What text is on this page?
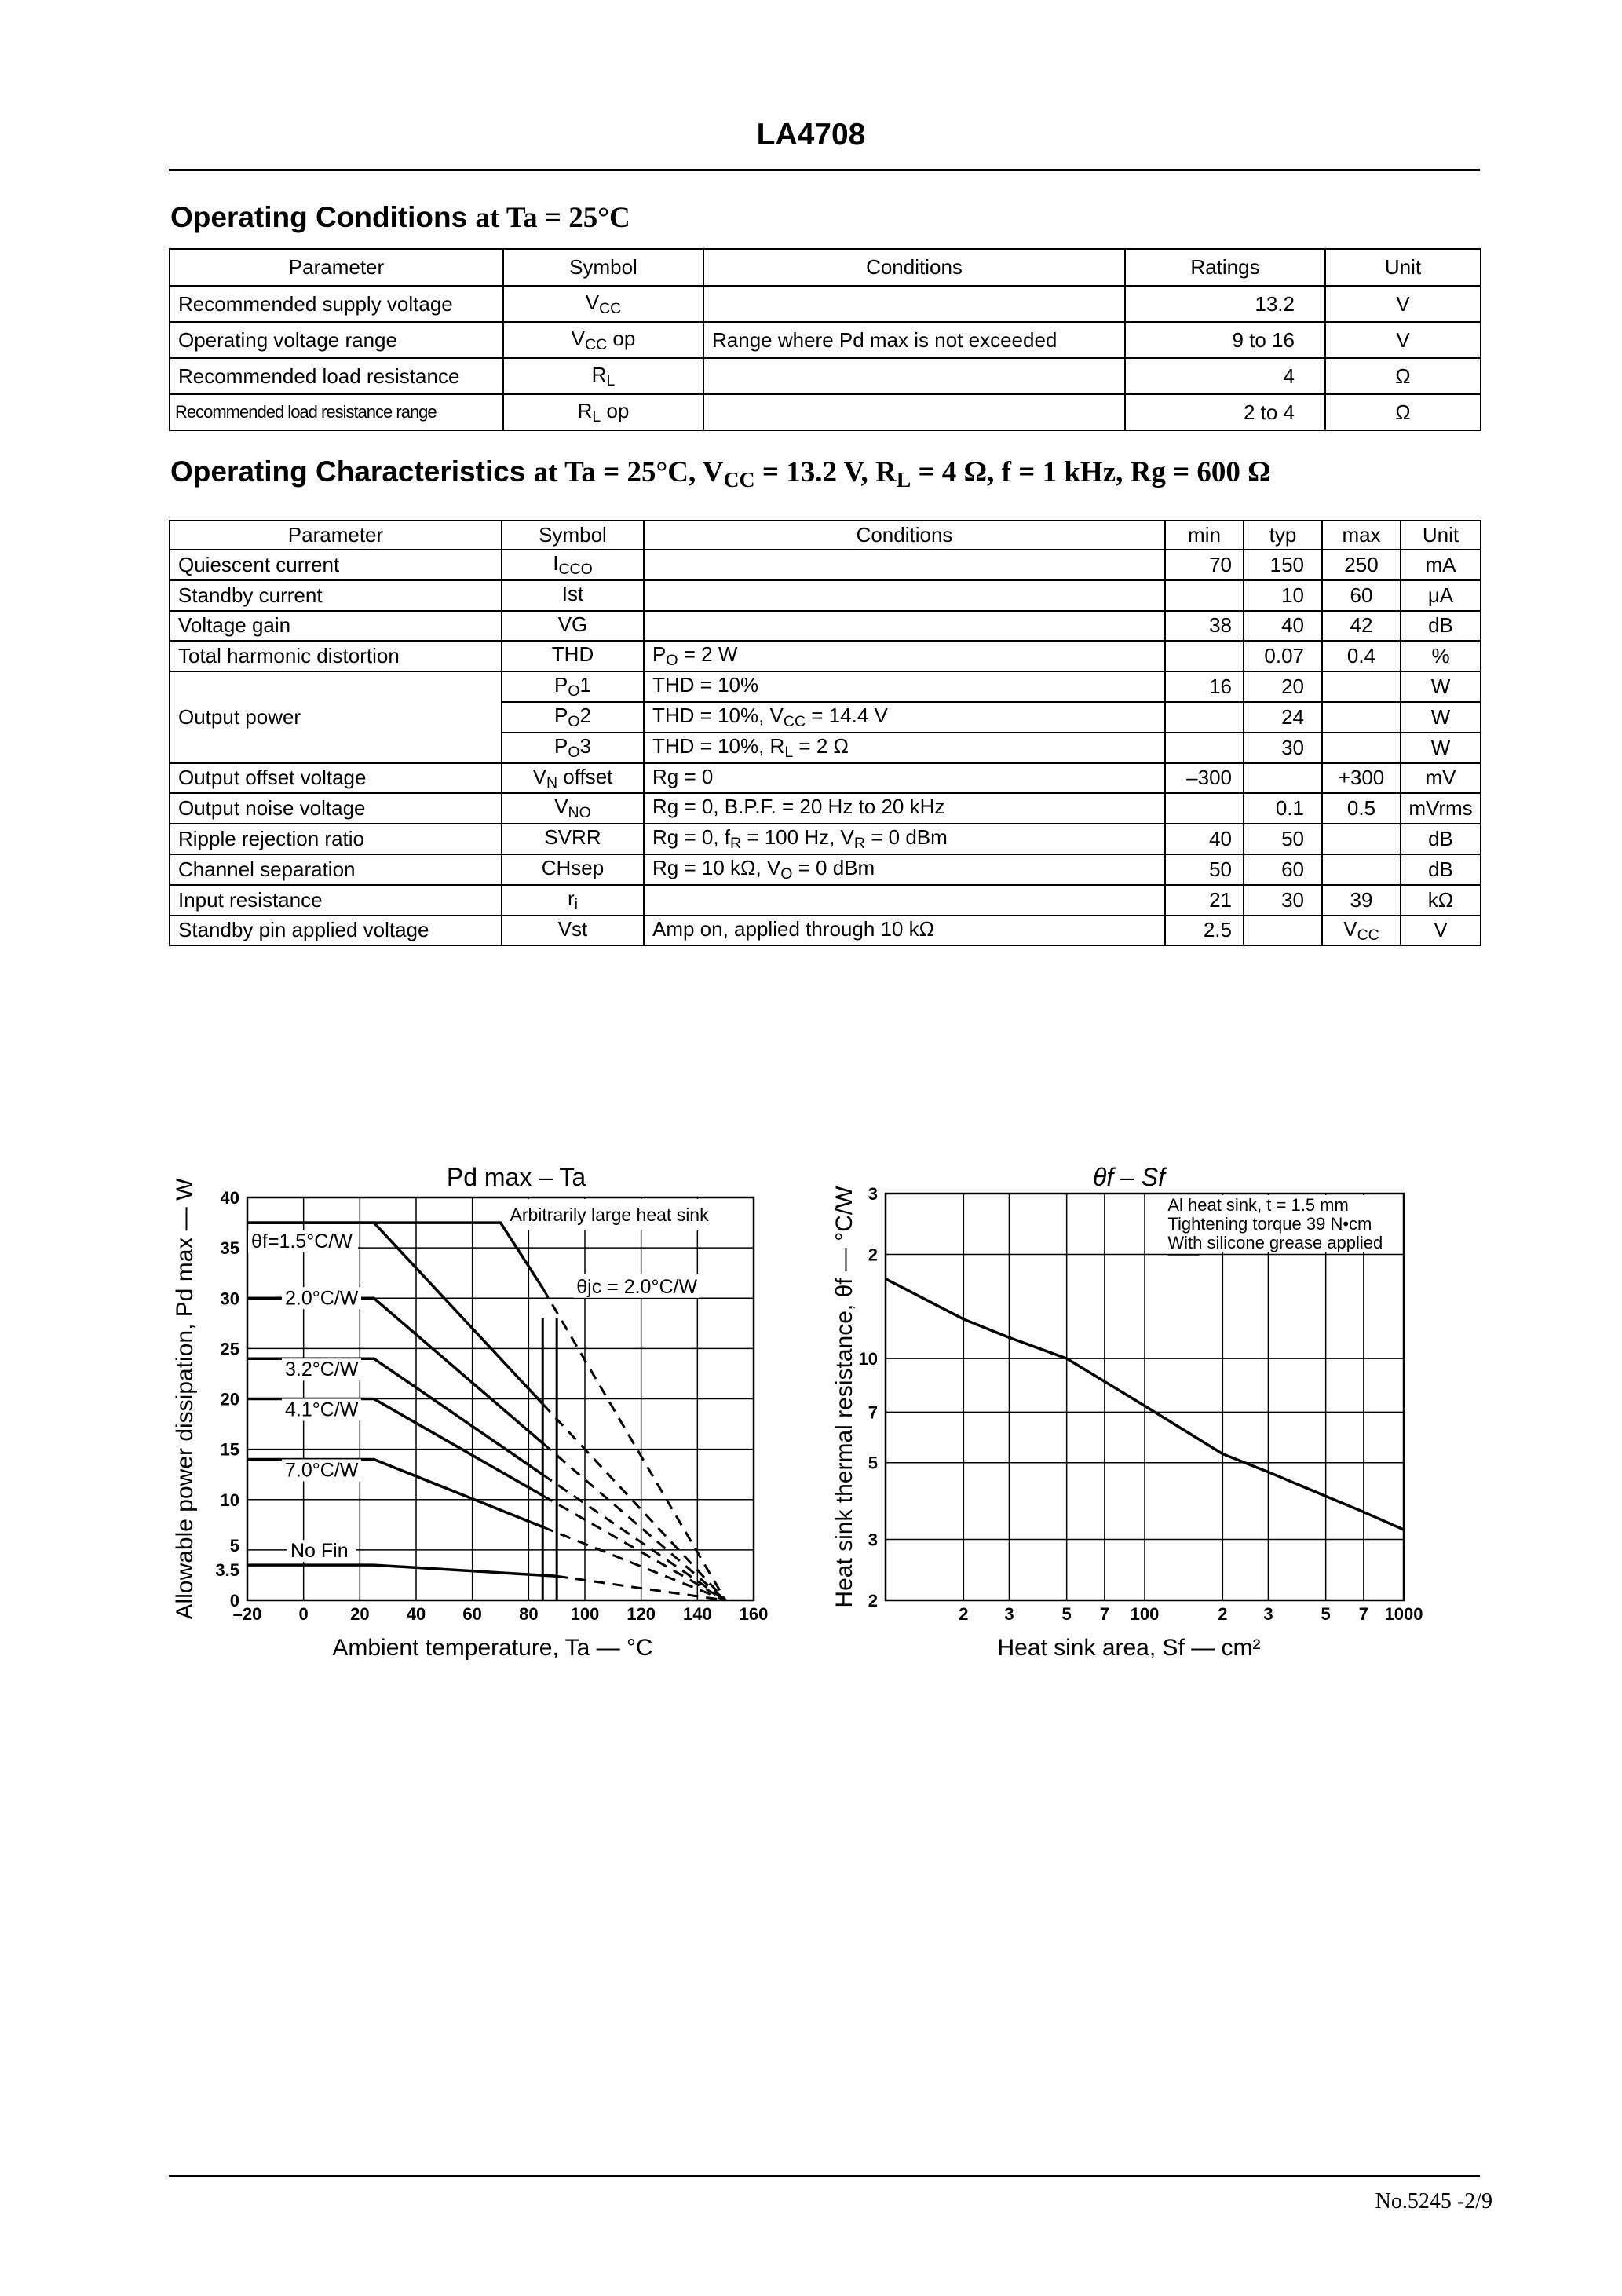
LA4708
Operating Conditions at Ta = 25°C
Parameter	Symbol	Conditions	Ratings	Unit
Recommended supply voltage	$V_{CC}$		13.2	V
Operating voltage range	$V_{CC}$ op	Range where Pd max is not exceeded	9 to 16	V
Recommended load resistance	$R_L$		4	Ω
Recommended load resistance range	$R_L$ op		2 to 4	Ω
Operating Characteristics at Ta = 25°C, $V_{CC} = 13.2$ V, $R_L = 4$ Ω, f = 1 kHz, Rg = 600 Ω
Parameter	Symbol	Conditions	min	typ	max	Unit
Quiescent current	$I_{CCO}$		70	150	250	mA
Standby current	Ist			10	60	μA
Voltage gain	VG		38	40	42	dB
Total harmonic distortion	THD	$P_O = 2$ W		0.07	0.4	%
Output power	$P_O1$	THD = 10%	16	20		W
	$P_O2$	THD = 10%, $V_{CC} = 14.4$ V		24		W
	$P_O3$	THD = 10%, $R_L = 2$ Ω		30		W
Output offset voltage	$V_N$ offset	Rg = 0	–300		+300	mV
Output noise voltage	$V_{NO}$	Rg = 0, B.P.F. = 20 Hz to 20 kHz		0.1	0.5	mVrms
Ripple rejection ratio	SVRR	Rg = 0, $f_R = 100$ Hz, $V_R = 0$ dBm	40	50		dB
Channel separation	CHsep	Rg = 10 kΩ, $V_O = 0$ dBm	50	60		dB
Input resistance	$r_i$		21	30	39	kΩ
Standby pin applied voltage	Vst	Amp on, applied through 10 kΩ	2.5		$V_{CC}$	V
Arbitrarily large heat sink
θf=1.5°C/W
2.0°C/W
3.2°C/W
4.1°C/W
7.0°C/W
No Fin
θjc = 2.0°C/W
–20 0 20 40 60 80 100 120 140 160
0
3.5
5
10
15
20
25
30
35
40
Pd max – Ta
Ambient temperature, Ta — °C
Allowable power dissipation, Pd max — W	Al heat sink, t = 1.5 mm
Tightening torque 39 N•cm
With silicone grease applied
2 3	5 7 100	2 3	5 7 1000
2
3
5
7
10
2
3
θf – Sf
Heat sink area, Sf — cm²
Heat sink thermal resistance, θf — °C/W
No.5245 -2/9
